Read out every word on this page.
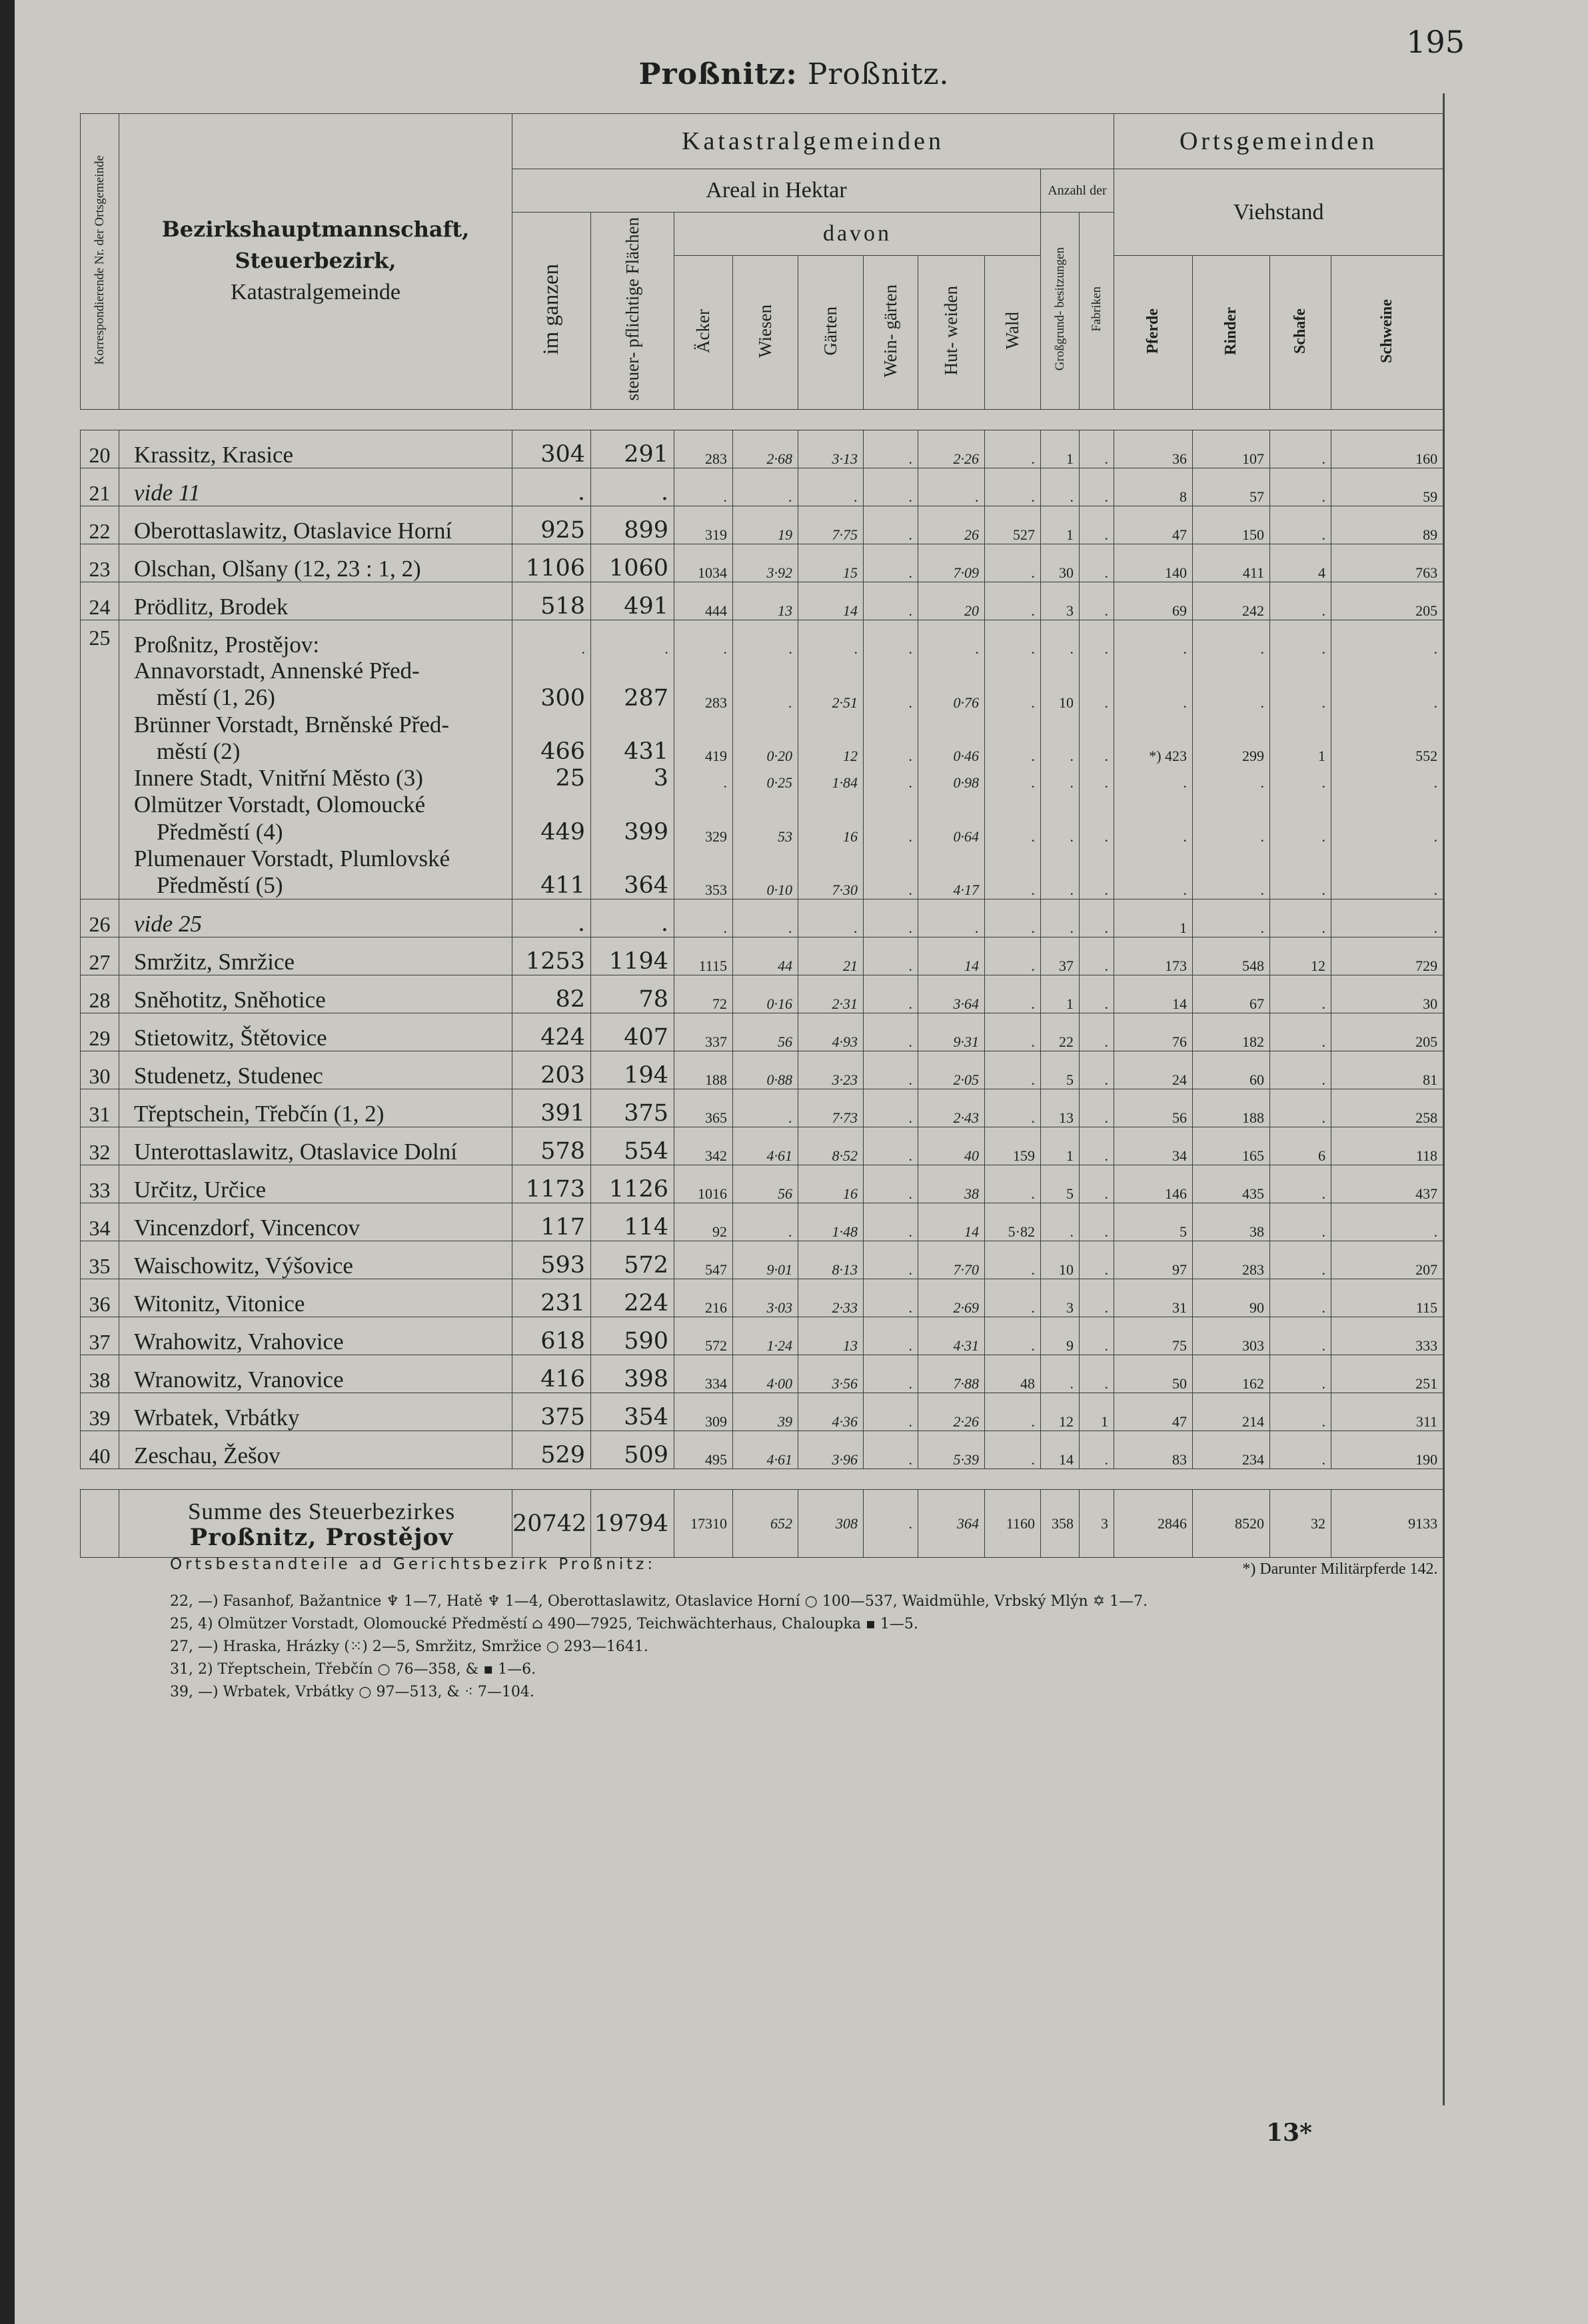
195
Proßnitz: Proßnitz.
Korrespondierende Nr. der Ortsgemeinde	Bezirkshauptmannschaft,
Steuerbezirk,
Katastralgemeinde	Katastralgemeinden										Ortsgemeinden			
		Areal in Hektar								Anzahl der		Viehstand			
		im ganzen	steuer- pflichtige Flächen	davon						Großgrund- besitzungen	Fabriken				
				Äcker	Wiesen	Gärten	Wein- gärten	Hut- weiden	Wald			Pferde	Rinder	Schafe	Schweine

20	Krassitz, Krasice	304	291	283	2·68	3·13	.	2·26	.	1	.	36	107	.	160
21	vide 11	.	.	.	.	.	.	.	.	.	.	8	57	.	59
22	Oberottaslawitz, Otaslavice Horní	925	899	319	19	7·75	.	26	527	1	.	47	150	.	89
23	Olschan, Olšany (12, 23 : 1, 2)	1106	1060	1034	3·92	15	.	7·09	.	30	.	140	411	4	763
24	Prödlitz, Brodek	518	491	444	13	14	.	20	.	3	.	69	242	.	205
25	Proßnitz, Prostějov:	.	.	.	.	.	.	.	.	.	.	.	.	.	.

	Annavorstadt, Annenské Před-
městí (1, 26)	300	287	283	.	2·51	.	0·76	.	10	.	.	.	.	.

	Brünner Vorstadt, Brněnské Před-
městí (2)	466	431	419	0·20	12	.	0·46	.	.	.	*) 423	299	1	552

	Innere Stadt, Vnitřní Město (3)	25	3	.	0·25	1·84	.	0·98	.	.	.	.	.	.	.

	Olmützer Vorstadt, Olomoucké
Předměstí (4)	449	399	329	53	16	.	0·64	.	.	.	.	.	.	.

	Plumenauer Vorstadt, Plumlovské
Předměstí (5)	411	364	353	0·10	7·30	.	4·17	.	.	.	.	.	.	.
26	vide 25	.	.	.	.	.	.	.	.	.	.	1	.	.	.
27	Smržitz, Smržice	1253	1194	1115	44	21	.	14	.	37	.	173	548	12	729
28	Sněhotitz, Sněhotice	82	78	72	0·16	2·31	.	3·64	.	1	.	14	67	.	30
29	Stietowitz, Štětovice	424	407	337	56	4·93	.	9·31	.	22	.	76	182	.	205
30	Studenetz, Studenec	203	194	188	0·88	3·23	.	2·05	.	5	.	24	60	.	81
31	Třeptschein, Třebčín (1, 2)	391	375	365	.	7·73	.	2·43	.	13	.	56	188	.	258
32	Unterottaslawitz, Otaslavice Dolní	578	554	342	4·61	8·52	.	40	159	1	.	34	165	6	118
33	Určitz, Určice	1173	1126	1016	56	16	.	38	.	5	.	146	435	.	437
34	Vincenzdorf, Vincencov	117	114	92	.	1·48	.	14	5·82	.	.	5	38	.	.
35	Waischowitz, Výšovice	593	572	547	9·01	8·13	.	7·70	.	10	.	97	283	.	207
36	Witonitz, Vitonice	231	224	216	3·03	2·33	.	2·69	.	3	.	31	90	.	115
37	Wrahowitz, Vrahovice	618	590	572	1·24	13	.	4·31	.	9	.	75	303	.	333
38	Wranowitz, Vranovice	416	398	334	4·00	3·56	.	7·88	48	.	.	50	162	.	251
39	Wrbatek, Vrbátky	375	354	309	39	4·36	.	2·26	.	12	1	47	214	.	311
40	Zeschau, Žešov	529	509	495	4·61	3·96	.	5·39	.	14	.	83	234	.	190

	Summe des Steuerbezirkes
Proßnitz, Prostějov	20742	19794	17310	652	308	.	364	1160	358	3	2846	8520	32	9133

												*) Darunter Militärpferde 142.			
Ortsbestandteile ad Gerichtsbezirk Proßnitz:
22, —) Fasanhof, Bažantnice ♆ 1—7, Hatě ♆ 1—4, Oberottaslawitz, Otaslavice Horní ○ 100—537, Waidmühle, Vrbský Mlýn ✡ 1—7.
25, 4) Olmützer Vorstadt, Olomoucké Předměstí ⌂ 490—7925, Teichwächterhaus, Chaloupka ▪ 1—5.
27, —) Hraska, Hrázky (⁙) 2—5, Smržitz, Smržice ○ 293—1641.
31, 2) Třeptschein, Třebčín ○ 76—358, & ▪ 1—6.
39, —) Wrbatek, Vrbátky ○ 97—513, & ⁖ 7—104.
13*
